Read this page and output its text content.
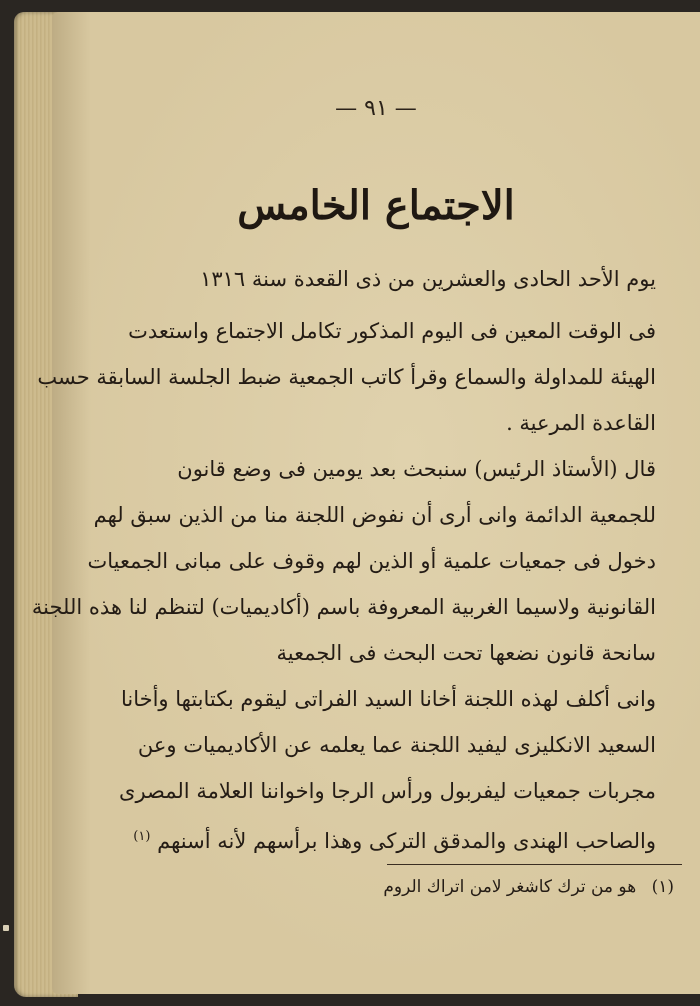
— ٩١ —
الاجتماع الخامس
يوم الأحد الحادى والعشرين من ذى القعدة سنة ١٣١٦
فى الوقت المعين فى اليوم المذكور تكامل الاجتماع واستعدت
الهيئة للمداولة والسماع وقرأ كاتب الجمعية ضبط الجلسة السابقة حسب
القاعدة المرعية .
قال (الأستاذ الرئيس) سنبحث بعد يومين فى وضع قانون
للجمعية الدائمة وانى أرى أن نفوض اللجنة منا من الذين سبق لهم
دخول فى جمعيات علمية أو الذين لهم وقوف على مبانى الجمعيات
القانونية ولاسيما الغربية المعروفة باسم (أكاديميات) لتنظم لنا هذه اللجنة
سانحة قانون نضعها تحت البحث فى الجمعية
وانى أكلف لهذه اللجنة أخانا السيد الفراتى ليقوم بكتابتها وأخانا
السعيد الانكليزى ليفيد اللجنة عما يعلمه عن الأكاديميات وعن
مجربات جمعيات ليفربول ورأس الرجا واخواننا العلامة المصرى
والصاحب الهندى والمدقق التركى وهذا برأسهم لأنه أسنهم $^{(١)}$
(١) هو من ترك كاشغر لامن اتراك الروم
